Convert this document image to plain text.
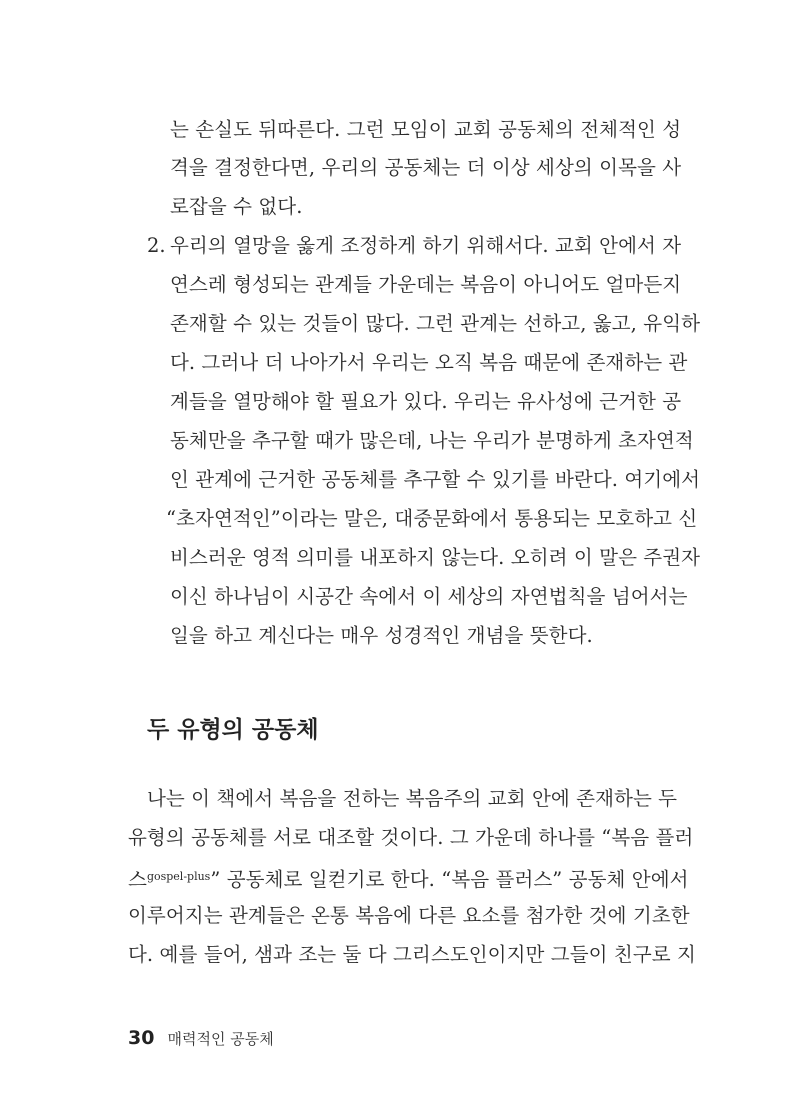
는 손실도 뒤따른다. 그런 모임이 교회 공동체의 전체적인 성
격을 결정한다면, 우리의 공동체는 더 이상 세상의 이목을 사
로잡을 수 없다.
2. 우리의 열망을 옳게 조정하게 하기 위해서다. 교회 안에서 자
연스레 형성되는 관계들 가운데는 복음이 아니어도 얼마든지
존재할 수 있는 것들이 많다. 그런 관계는 선하고, 옳고, 유익하
다. 그러나 더 나아가서 우리는 오직 복음 때문에 존재하는 관
계들을 열망해야 할 필요가 있다. 우리는 유사성에 근거한 공
동체만을 추구할 때가 많은데, 나는 우리가 분명하게 초자연적
인 관계에 근거한 공동체를 추구할 수 있기를 바란다. 여기에서
“초자연적인”이라는 말은, 대중문화에서 통용되는 모호하고 신
비스러운 영적 의미를 내포하지 않는다. 오히려 이 말은 주권자
이신 하나님이 시공간 속에서 이 세상의 자연법칙을 넘어서는
일을 하고 계신다는 매우 성경적인 개념을 뜻한다.
두 유형의 공동체
나는 이 책에서 복음을 전하는 복음주의 교회 안에 존재하는 두
유형의 공동체를 서로 대조할 것이다. 그 가운데 하나를 “복음 플러
스$^{gospel-plus}$” 공동체로 일컫기로 한다. “복음 플러스” 공동체 안에서
이루어지는 관계들은 온통 복음에 다른 요소를 첨가한 것에 기초한
다. 예를 들어, 샘과 조는 둘 다 그리스도인이지만 그들이 친구로 지
30 매력적인 공동체
